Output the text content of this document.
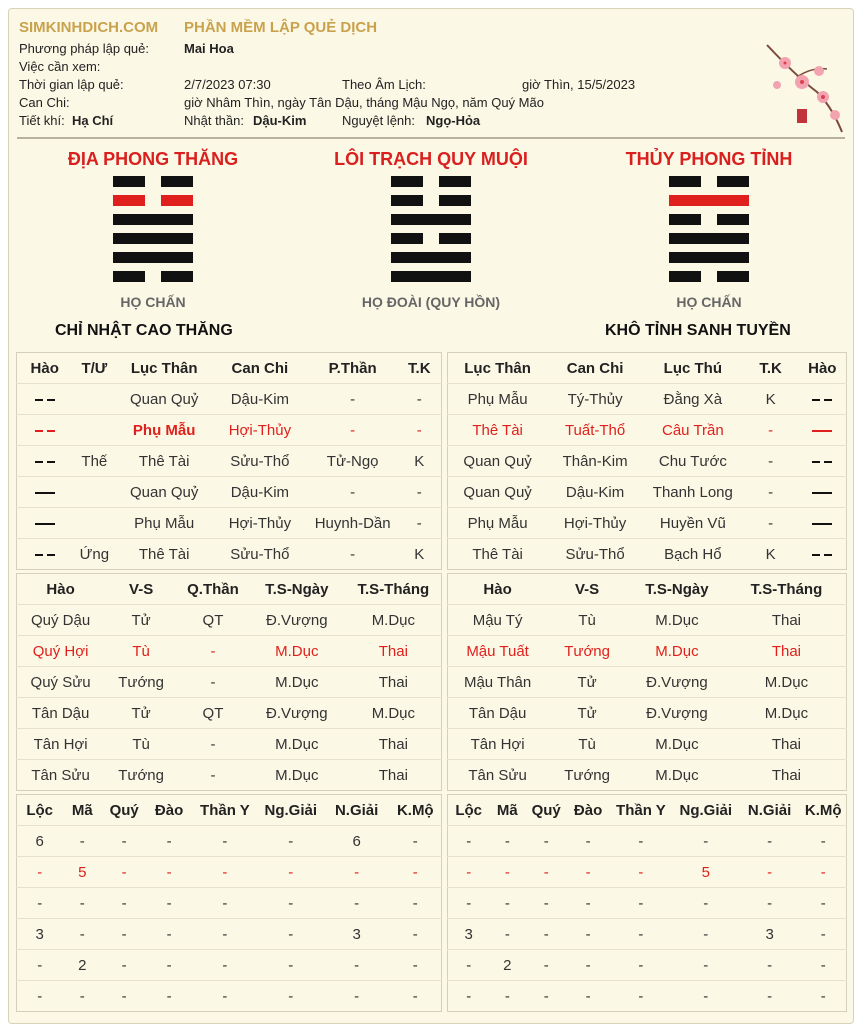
SIMKINHDICH.COM PHẦN MỀM LẬP QUẺ DỊCH
Phương pháp lập quẻ:	Mai Hoa
Việc cần xem:
Thời gian lập quẻ:	2/7/2023 07:30	Theo Âm Lịch:	giờ Thìn, 15/5/2023
Can Chi:	giờ Nhâm Thìn, ngày Tân Dậu, tháng Mậu Ngọ, năm Quý Mão
Tiết khí: Hạ Chí	Nhật thần: Dậu-Kim	Nguyệt lệnh: Ngọ-Hỏa
ĐỊA PHONG THĂNG
HỌ CHẤN
LÔI TRẠCH QUY MUỘI
HỌ ĐOÀI (QUY HỒN)
THỦY PHONG TỈNH
HỌ CHẤN
CHỈ NHẬT CAO THĂNG	KHÔ TỈNH SANH TUYỀN
Hào	T/Ư	Lục Thân	Can Chi	P.Thần	T.K
		Quan Quỷ	Dậu-Kim	-	-
		Phụ Mẫu	Hợi-Thủy	-	-
	Thế	Thê Tài	Sửu-Thổ	Tử-Ngọ	K
		Quan Quỷ	Dậu-Kim	-	-
		Phụ Mẫu	Hợi-Thủy	Huynh-Dần	-
	Ứng	Thê Tài	Sửu-Thổ	-	K
Lục Thân	Can Chi	Lục Thú	T.K	Hào
Phụ Mẫu	Tý-Thủy	Đằng Xà	K	
Thê Tài	Tuất-Thổ	Câu Trần	-	
Quan Quỷ	Thân-Kim	Chu Tước	-	
Quan Quỷ	Dậu-Kim	Thanh Long	-	
Phụ Mẫu	Hợi-Thủy	Huyền Vũ	-	
Thê Tài	Sửu-Thổ	Bạch Hổ	K	
Hào	V-S	Q.Thần	T.S-Ngày	T.S-Tháng
Quý Dậu	Tử	QT	Đ.Vượng	M.Dục
Quý Hợi	Tù	-	M.Dục	Thai
Quý Sửu	Tướng	-	M.Dục	Thai
Tân Dậu	Tử	QT	Đ.Vượng	M.Dục
Tân Hợi	Tù	-	M.Dục	Thai
Tân Sửu	Tướng	-	M.Dục	Thai
Hào	V-S	T.S-Ngày	T.S-Tháng
Mậu Tý	Tù	M.Dục	Thai
Mậu Tuất	Tướng	M.Dục	Thai
Mậu Thân	Tử	Đ.Vượng	M.Dục
Tân Dậu	Tử	Đ.Vượng	M.Dục
Tân Hợi	Tù	M.Dục	Thai
Tân Sửu	Tướng	M.Dục	Thai
Lộc	Mã	Quý	Đào	Thần Y	Ng.Giải	N.Giải	K.Mộ
6	-	-	-	-	-	6	-
-	5	-	-	-	-	-	-
-	-	-	-	-	-	-	-
3	-	-	-	-	-	3	-
-	2	-	-	-	-	-	-
-	-	-	-	-	-	-	-
Lộc	Mã	Quý	Đào	Thần Y	Ng.Giải	N.Giải	K.Mộ
-	-	-	-	-	-	-	-
-	-	-	-	-	5	-	-
-	-	-	-	-	-	-	-
3	-	-	-	-	-	3	-
-	2	-	-	-	-	-	-
-	-	-	-	-	-	-	-
